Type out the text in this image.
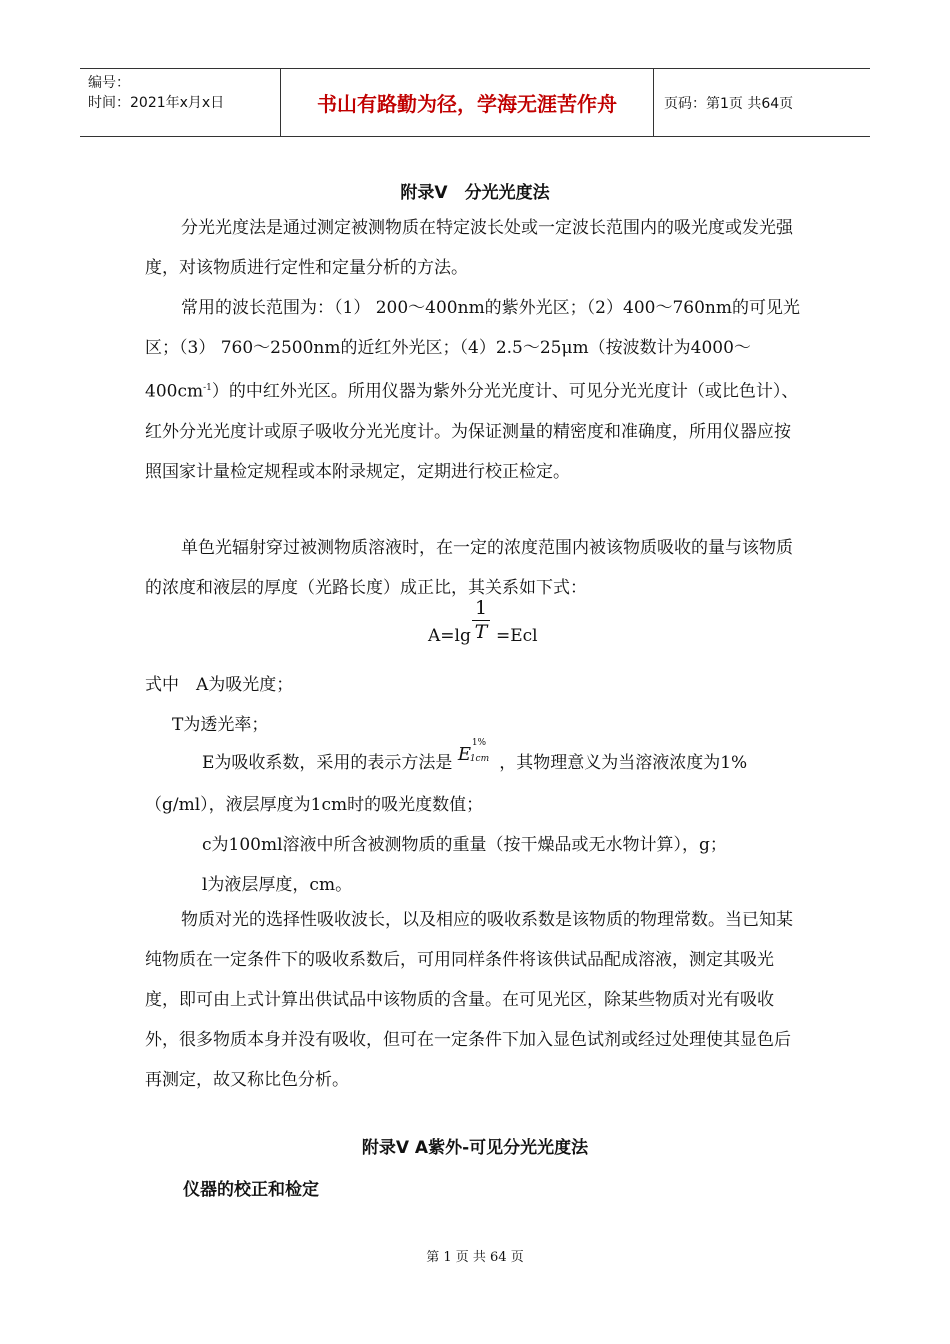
编号：
时间：2021年x月x日	书山有路勤为径，学海无涯苦作舟	页码：第1页 共64页
附录Ⅴ　分光光度法
分光光度法是通过测定被测物质在特定波长处或一定波长范围内的吸光度或发光强度，对该物质进行定性和定量分析的方法。
常用的波长范围为：（1） 200～400nm的紫外光区；（2）400～760nm的可见光区；（3） 760～2500nm的近红外光区；（4）2.5～25μm（按波数计为4000～ $400cm^{-1}$）的中红外光区。所用仪器为紫外分光光度计、可见分光光度计（或比色计）、红外分光光度计或原子吸收分光光度计。为保证测量的精密度和准确度，所用仪器应按照国家计量检定规程或本附录规定，定期进行校正检定。
单色光辐射穿过被测物质溶液时，在一定的浓度范围内被该物质吸收的量与该物质的浓度和液层的厚度（光路长度）成正比，其关系如下式：
A=lg
1
T =Ecl
式中　A为吸光度；
T为透光率；
E为吸收系数，采用的表示方法是 E
1%
1cm ，其物理意义为当溶液浓度为1%
（g/ml），液层厚度为1cm时的吸光度数值；
c为100ml溶液中所含被测物质的重量（按干燥品或无水物计算），g；
l为液层厚度，cm。
物质对光的选择性吸收波长，以及相应的吸收系数是该物质的物理常数。当已知某纯物质在一定条件下的吸收系数后，可用同样条件将该供试品配成溶液，测定其吸光度，即可由上式计算出供试品中该物质的含量。在可见光区，除某些物质对光有吸收外，很多物质本身并没有吸收，但可在一定条件下加入显色试剂或经过处理使其显色后再测定，故又称比色分析。
附录Ⅴ A紫外-可见分光光度法
仪器的校正和检定
第 1 页 共 64 页
